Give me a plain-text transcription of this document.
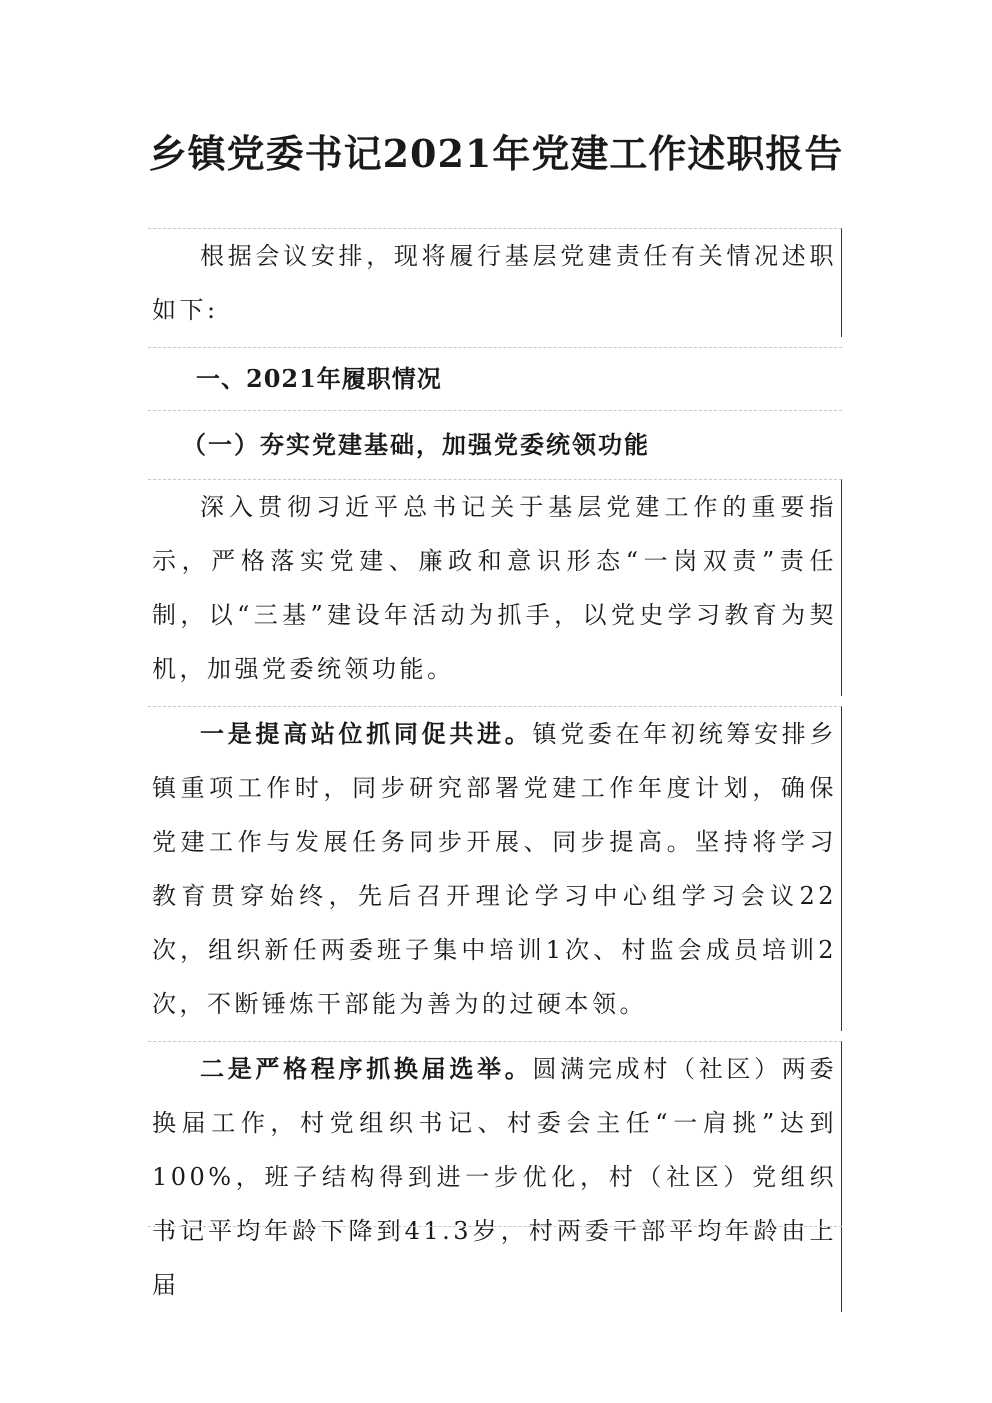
乡镇党委书记2021年党建工作述职报告

根据会议安排，现将履行基层党建责任有关情况述职如下:

一、2021年履职情况

（一）夯实党建基础，加强党委统领功能

深入贯彻习近平总书记关于基层党建工作的重要指示，严格落实党建、廉政和意识形态“一岗双责”责任制，以“三基”建设年活动为抓手，以党史学习教育为契机，加强党委统领功能。

一是提高站位抓同促共进。镇党委在年初统筹安排乡镇重项工作时，同步研究部署党建工作年度计划，确保党建工作与发展任务同步开展、同步提高。坚持将学习教育贯穿始终，先后召开理论学习中心组学习会议22次，组织新任两委班子集中培训1次、村监会成员培训2次，不断锤炼干部能为善为的过硬本领。

二是严格程序抓换届选举。圆满完成村（社区）两委换届工作，村党组织书记、村委会主任“一肩挑”达到100%，班子结构得到进一步优化，村（社区）党组织书记平均年龄下降到41.3岁，村两委干部平均年龄由上届
